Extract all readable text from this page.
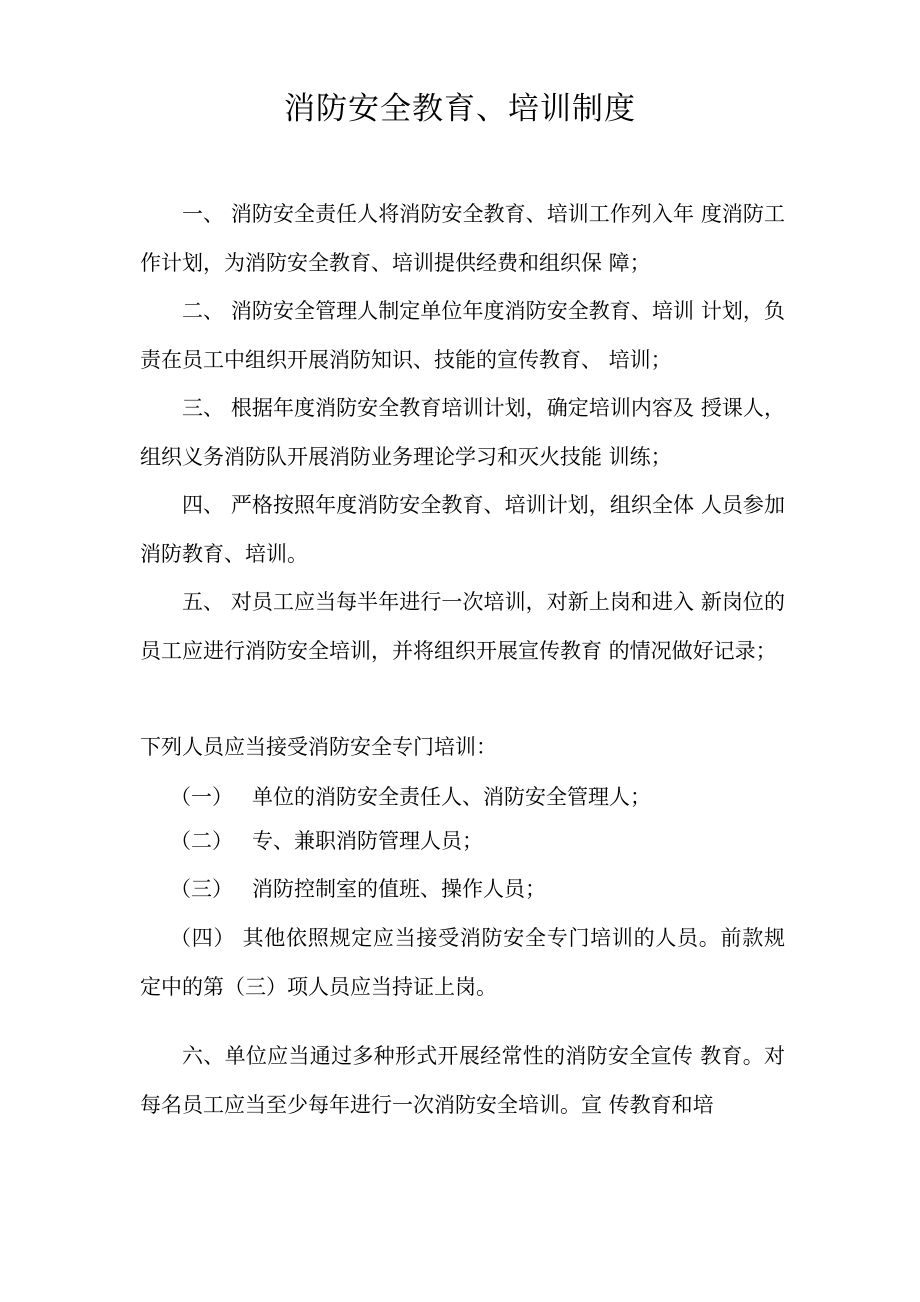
消防安全教育、培训制度

一、 消防安全责任人将消防安全教育、培训工作列入年 度消防工作计划，为消防安全教育、培训提供经费和组织保 障；

二、 消防安全管理人制定单位年度消防安全教育、培训 计划，负责在员工中组织开展消防知识、技能的宣传教育、 培训；

三、 根据年度消防安全教育培训计划，确定培训内容及 授课人，组织义务消防队开展消防业务理论学习和灭火技能 训练；

四、 严格按照年度消防安全教育、培训计划，组织全体 人员参加消防教育、培训。

五、 对员工应当每半年进行一次培训，对新上岗和进入 新岗位的员工应进行消防安全培训，并将组织开展宣传教育 的情况做好记录；

下列人员应当接受消防安全专门培训：

（一） 单位的消防安全责任人、消防安全管理人；

（二） 专、兼职消防管理人员；

（三） 消防控制室的值班、操作人员；

（四） 其他依照规定应当接受消防安全专门培训的人员。前款规定中的第（三）项人员应当持证上岗。

六、单位应当通过多种形式开展经常性的消防安全宣传 教育。对每名员工应当至少每年进行一次消防安全培训。宣 传教育和培
